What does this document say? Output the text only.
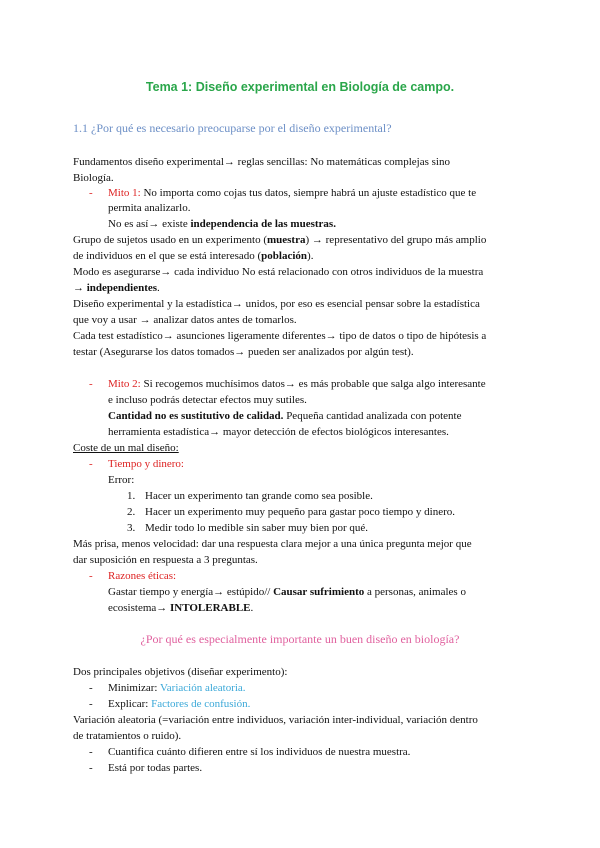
Tema 1: Diseño experimental en Biología de campo.
1.1 ¿Por qué es necesario preocuparse por el diseño experimental?
Fundamentos diseño experimental→ reglas sencillas: No matemáticas complejas sino
Biología.
- Mito 1: No importa como cojas tus datos, siempre habrá un ajuste estadístico que te
permita analizarlo.
No es así→ existe independencia de las muestras.
Grupo de sujetos usado en un experimento (muestra) → representativo del grupo más amplio
de individuos en el que se está interesado (población).
Modo es asegurarse→ cada individuo No está relacionado con otros individuos de la muestra
→ independientes.
Diseño experimental y la estadística→ unidos, por eso es esencial pensar sobre la estadística
que voy a usar → analizar datos antes de tomarlos.
Cada test estadístico→ asunciones ligeramente diferentes→ tipo de datos o tipo de hipótesis a
testar (Asegurarse los datos tomados→ pueden ser analizados por algún test).
- Mito 2: Si recogemos muchísimos datos→ es más probable que salga algo interesante
e incluso podrás detectar efectos muy sutiles.
Cantidad no es sustitutivo de calidad. Pequeña cantidad analizada con potente
herramienta estadística→ mayor detección de efectos biológicos interesantes.
Coste de un mal diseño:
- Tiempo y dinero:
Error:
1. Hacer un experimento tan grande como sea posible.
2. Hacer un experimento muy pequeño para gastar poco tiempo y dinero.
3. Medir todo lo medible sin saber muy bien por qué.
Más prisa, menos velocidad: dar una respuesta clara mejor a una única pregunta mejor que
dar suposición en respuesta a 3 preguntas.
- Razones éticas:
Gastar tiempo y energía→ estúpido// Causar sufrimiento a personas, animales o
ecosistema→ INTOLERABLE.
¿Por qué es especialmente importante un buen diseño en biología?
Dos principales objetivos (diseñar experimento):
- Minimizar: Variación aleatoria.
- Explicar: Factores de confusión.
Variación aleatoria (=variación entre individuos, variación inter-individual, variación dentro
de tratamientos o ruido).
- Cuantifica cuánto difieren entre sí los individuos de nuestra muestra.
- Está por todas partes.
